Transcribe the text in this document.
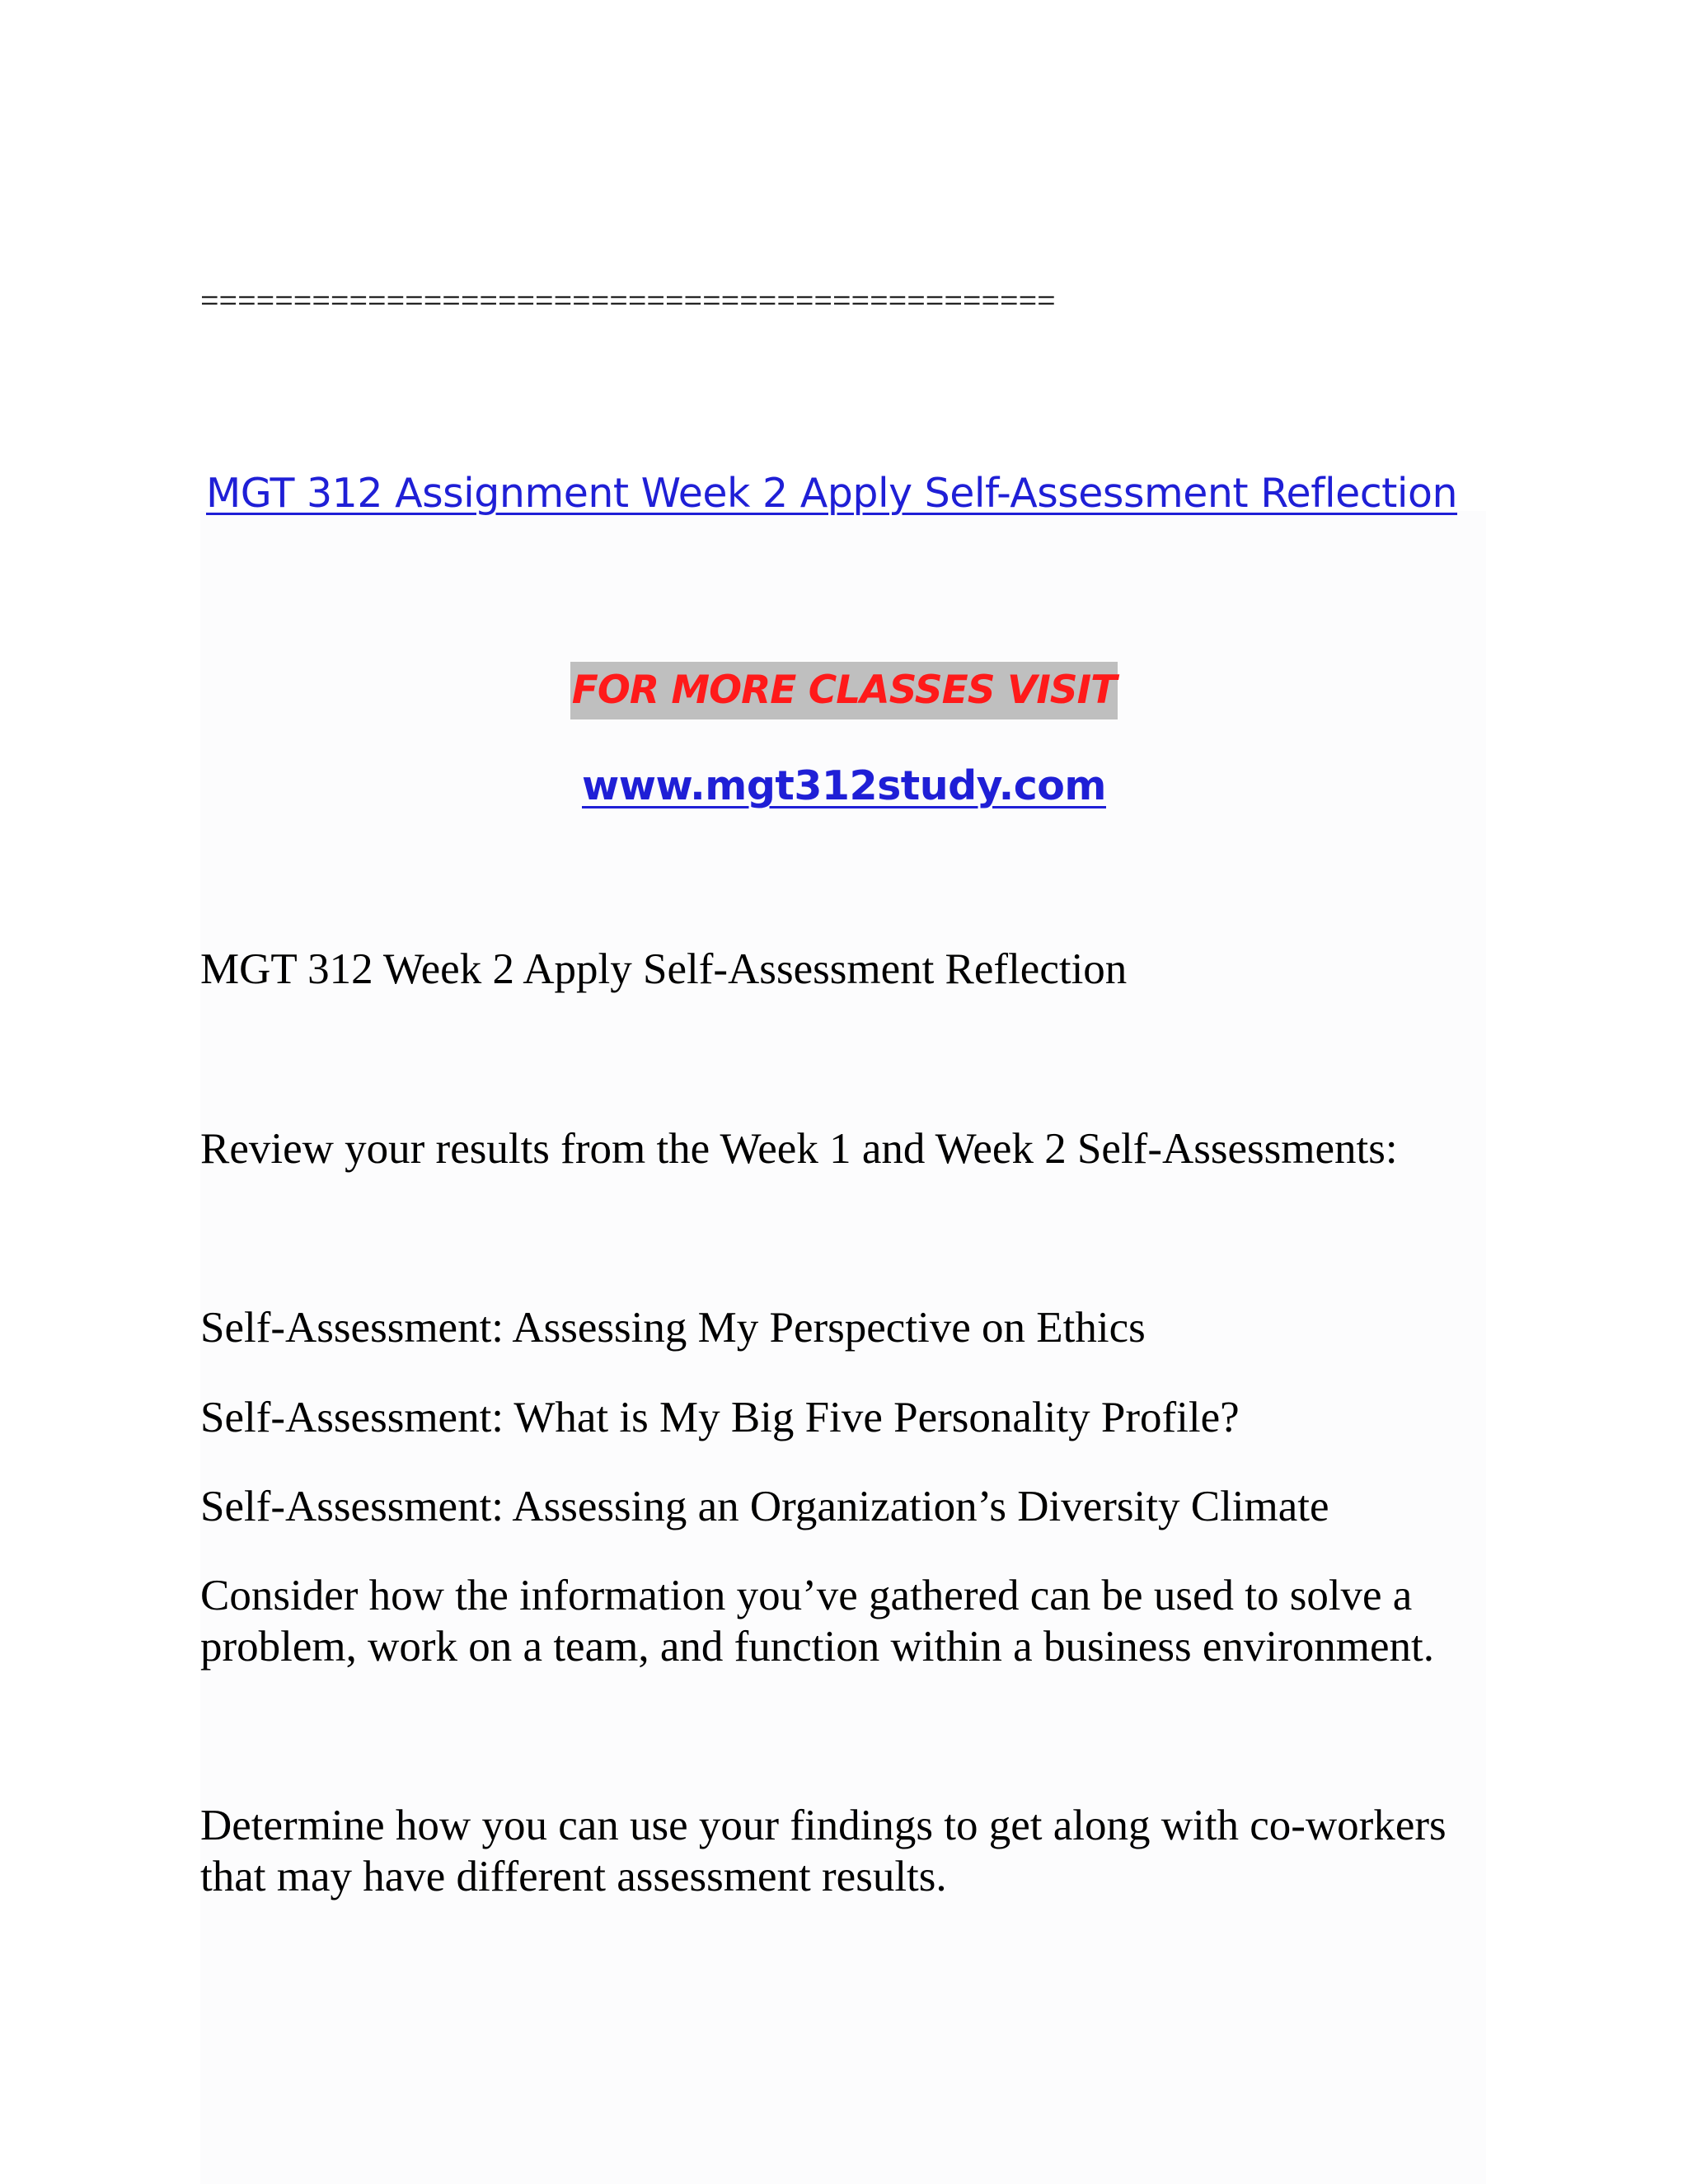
==============================================
MGT 312 Assignment Week 2 Apply Self-Assessment Reflection
FOR MORE CLASSES VISIT
www.mgt312study.com
MGT 312 Week 2 Apply Self-Assessment Reflection
Review your results from the Week 1 and Week 2 Self-Assessments:
Self-Assessment: Assessing My Perspective on Ethics
Self-Assessment: What is My Big Five Personality Profile?
Self-Assessment: Assessing an Organization’s Diversity Climate
Consider how the information you’ve gathered can be used to solve a problem, work on a team, and function within a business environment.
Determine how you can use your findings to get along with co-workers that may have different assessment results.
